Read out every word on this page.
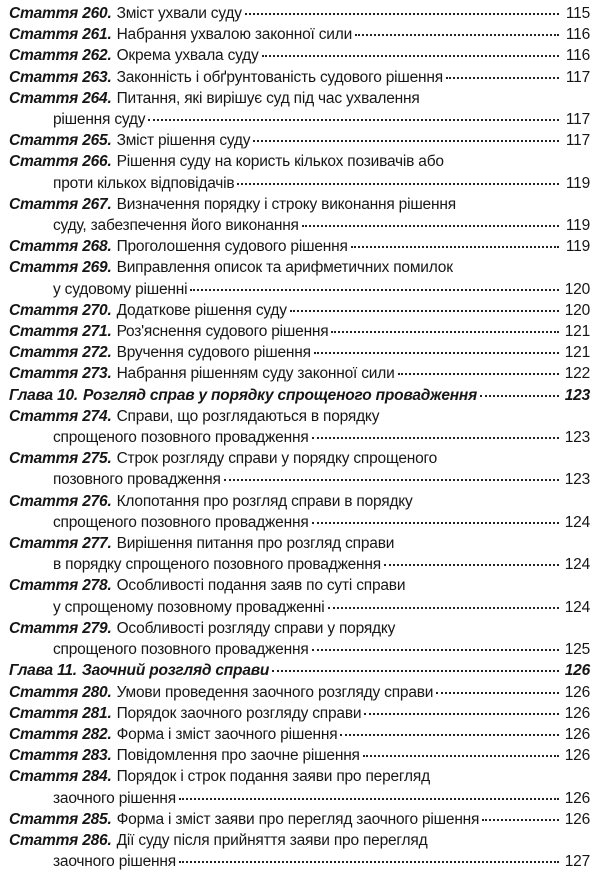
Стаття 260. Зміст ухвали суду	115
Стаття 261. Набрання ухвалою законної сили	116
Стаття 262. Окрема ухвала суду	116
Стаття 263. Законність і обґрунтованість судового рішення	117
Стаття 264. Питання, які вирішує суд під час ухвалення
рішення суду	117
Стаття 265. Зміст рішення суду	117
Стаття 266. Рішення суду на користь кількох позивачів або
проти кількох відповідачів	119
Стаття 267. Визначення порядку і строку виконання рішення
суду, забезпечення його виконання	119
Стаття 268. Проголошення судового рішення	119
Стаття 269. Виправлення описок та арифметичних помилок
у судовому рішенні	120
Стаття 270. Додаткове рішення суду	120
Стаття 271. Роз'яснення судового рішення	121
Стаття 272. Вручення судового рішення	121
Стаття 273. Набрання рішенням суду законної сили	122
Глава 10. Розгляд справ у порядку спрощеного провадження	123
Стаття 274. Справи, що розглядаються в порядку
спрощеного позовного провадження	123
Стаття 275. Строк розгляду справи у порядку спрощеного
позовного провадження	123
Стаття 276. Клопотання про розгляд справи в порядку
спрощеного позовного провадження	124
Стаття 277. Вирішення питання про розгляд справи
в порядку спрощеного позовного провадження	124
Стаття 278. Особливості подання заяв по суті справи
у спрощеному позовному провадженні	124
Стаття 279. Особливості розгляду справи у порядку
спрощеного позовного провадження	125
Глава 11. Заочний розгляд справи	126
Стаття 280. Умови проведення заочного розгляду справи	126
Стаття 281. Порядок заочного розгляду справи	126
Стаття 282. Форма і зміст заочного рішення	126
Стаття 283. Повідомлення про заочне рішення	126
Стаття 284. Порядок і строк подання заяви про перегляд
заочного рішення	126
Стаття 285. Форма і зміст заяви про перегляд заочного рішення	126
Стаття 286. Дії суду після прийняття заяви про перегляд
заочного рішення	127
